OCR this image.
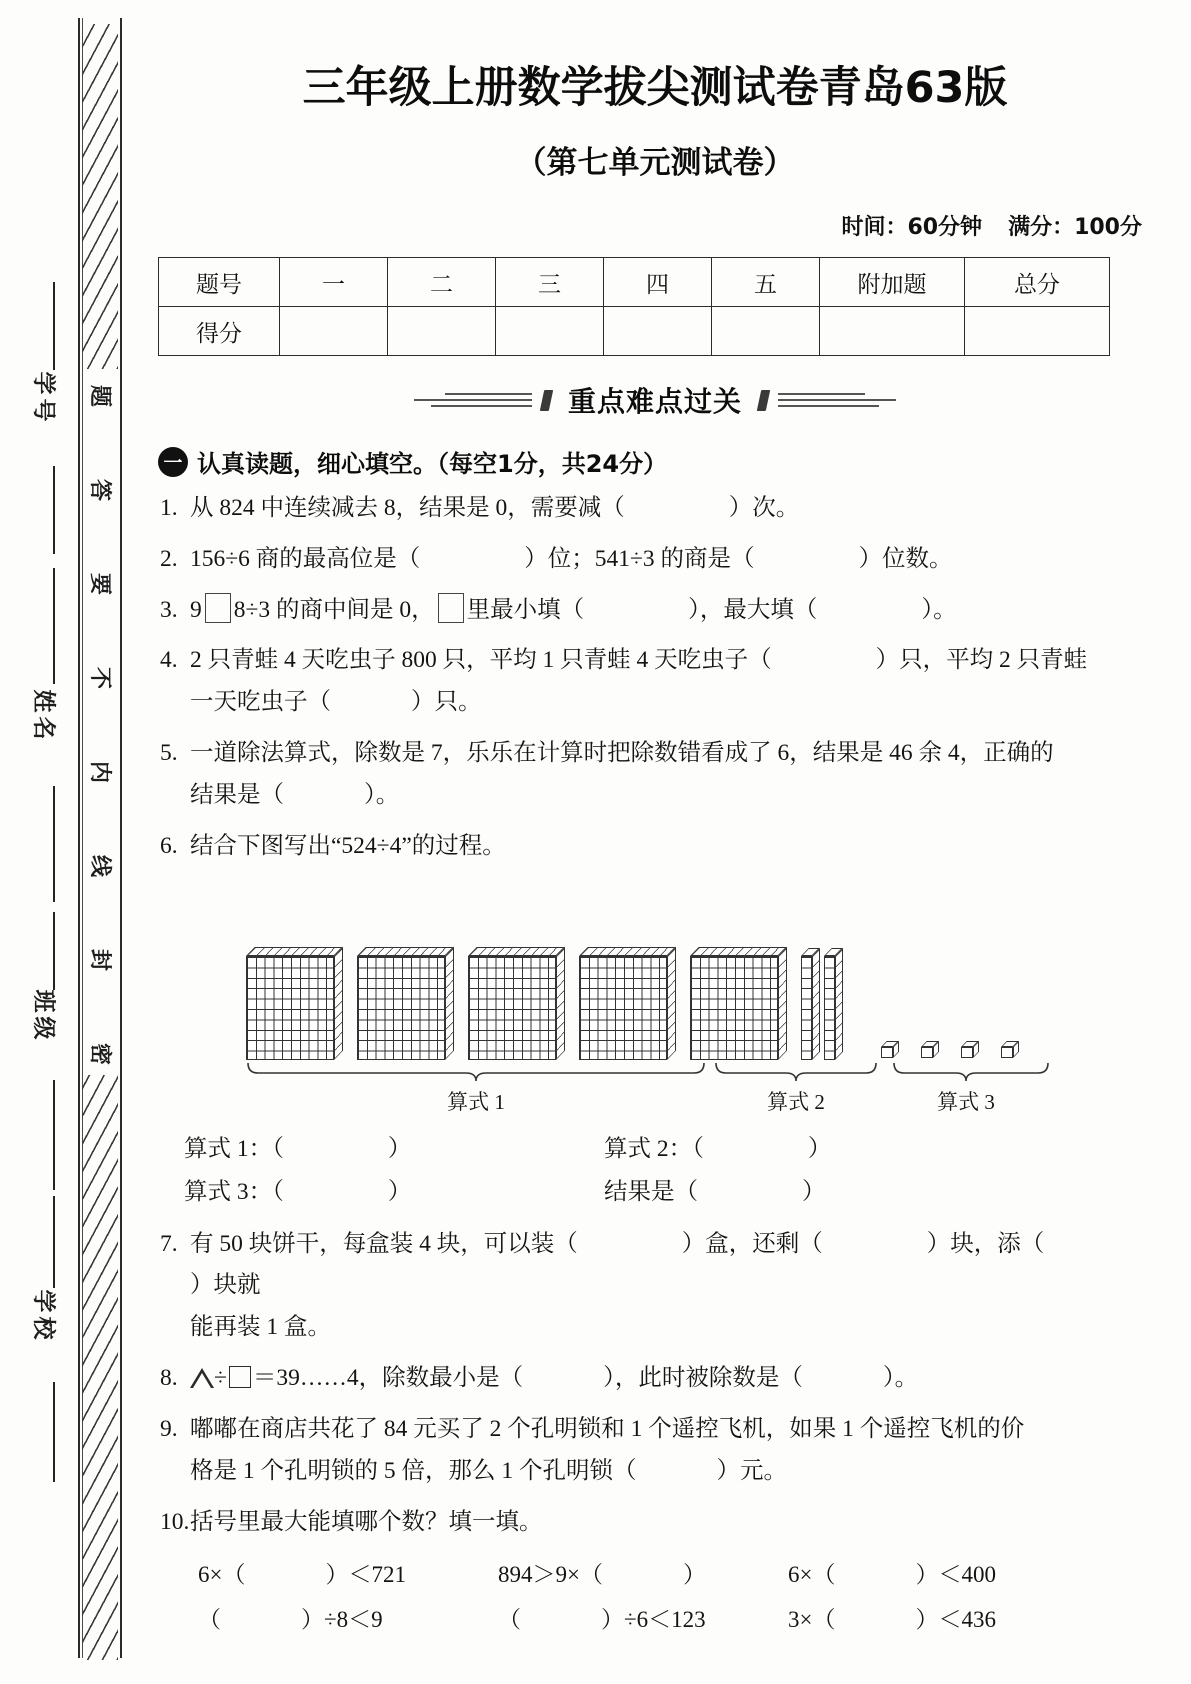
题
答
要
不
内
线
封
密
学号
姓名
班级
学校
三年级上册数学拔尖测试卷青岛63版
（第七单元测试卷）

时间：60分钟 满分：100分

题号	一	二	三	四	五	附加题	总分
得分							
重点难点过关
一 认真读题，细心填空。（每空1分，共24分）
1. 从 824 中连续减去 8，结果是 0，需要减（	）次。
2. 156÷6 商的最高位是（	）位；541÷3 的商是（	）位数。
3. 9 8÷3 的商中间是 0， 里最小填（	），最大填（	）。
4. 2 只青蛙 4 天吃虫子 800 只，平均 1 只青蛙 4 天吃虫子（	）只，平均 2 只青蛙
一天吃虫子（	）只。
5. 一道除法算式，除数是 7，乐乐在计算时把除数错看成了 6，结果是 46 余 4，正确的
结果是（	）。
6. 结合下图写出“524÷4”的过程。
算式 1	算式 2	算式 3
算式 1：（	）	算式 2：（	）
算式 3：（	）	结果是（	）
7. 有 50 块饼干，每盒装 4 块，可以装（	）盒，还剩（	）块，添（）块就
能再装 1 盒。
8.	÷ ＝39……4，除数最小是（	），此时被除数是（	）。
9. 嘟嘟在商店共花了 84 元买了 2 个孔明锁和 1 个遥控飞机，如果 1 个遥控飞机的价
格是 1 个孔明锁的 5 倍，那么 1 个孔明锁（	）元。
10. 括号里最大能填哪个数？填一填。
6×（	）＜721	894＞9×（	）	6×（	）＜400
（	）÷8＜9	（	）÷6＜123	3×（	）＜436
